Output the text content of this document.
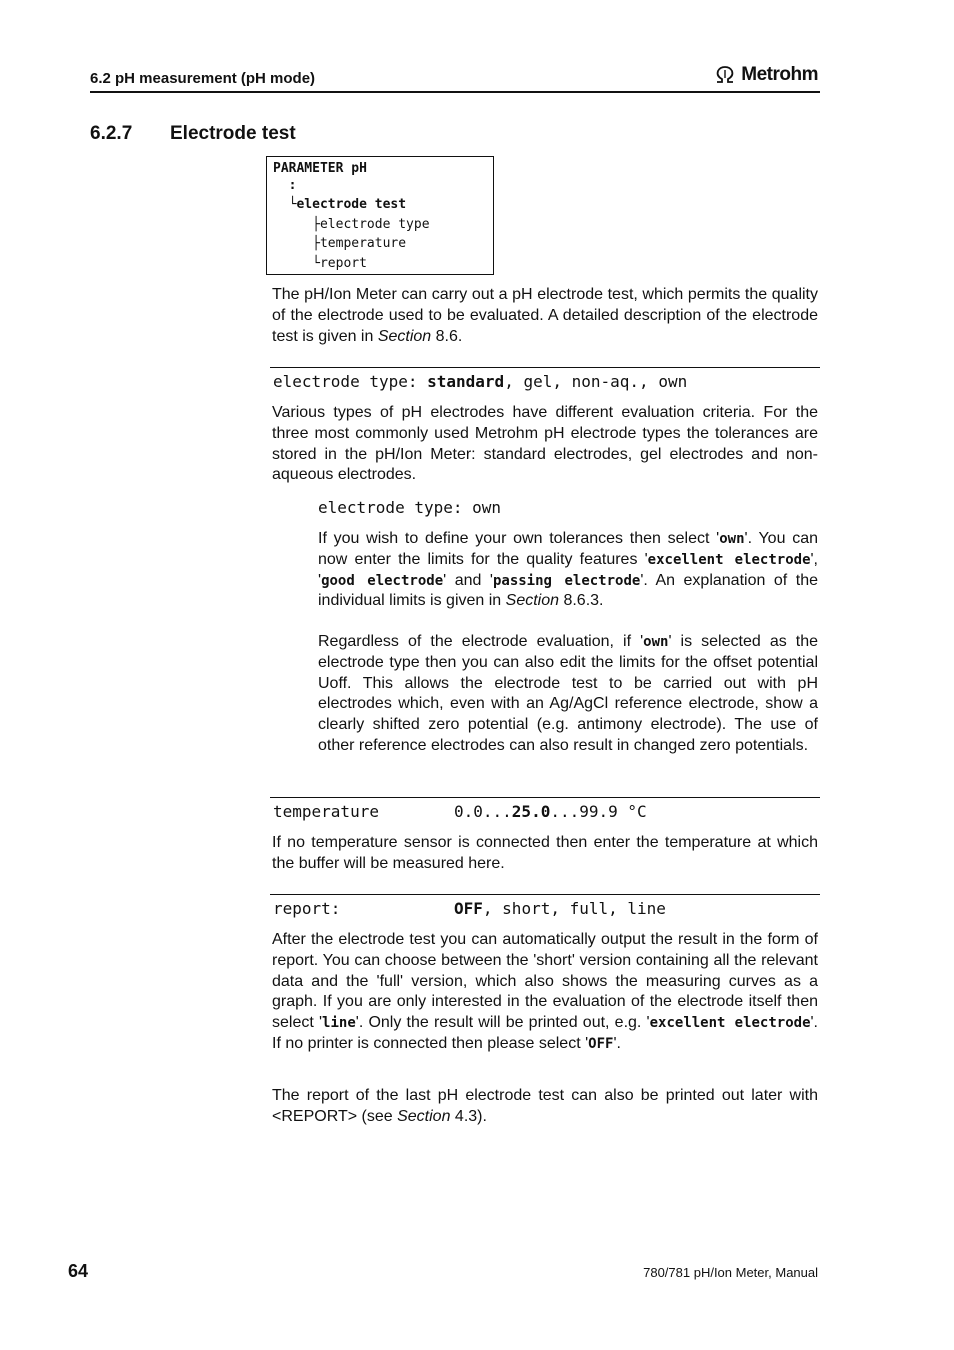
6.2 pH measurement (pH mode)	Metrohm
6.2.7 Electrode test
PARAMETER pH
:
└electrode test
├electrode type
├temperature
└report
The pH/Ion Meter can carry out a pH electrode test, which permits the quality of the electrode used to be evaluated. A detailed description of the electrode test is given in Section 8.6.
electrode type: standard, gel, non-aq., own
Various types of pH electrodes have different evaluation criteria. For the three most commonly used Metrohm pH electrode types the tolerances are stored in the pH/Ion Meter: standard electrodes, gel electrodes and non-aqueous electrodes.
electrode type: own
If you wish to define your own tolerances then select 'own'. You can now enter the limits for the quality features 'excellent electrode', 'good electrode' and 'passing electrode'. An explanation of the individual limits is given in Section 8.6.3.
Regardless of the electrode evaluation, if 'own' is selected as the electrode type then you can also edit the limits for the offset potential Uoff. This allows the electrode test to be carried out with pH electrodes which, even with an Ag/AgCl reference electrode, show a clearly shifted zero potential (e.g. antimony electrode). The use of other reference electrodes can also result in changed zero potentials.
temperature	0.0...25.0...99.9 °C
If no temperature sensor is connected then enter the temperature at which the buffer will be measured here.
report:	OFF, short, full, line
After the electrode test you can automatically output the result in the form of report. You can choose between the 'short' version containing all the relevant data and the 'full' version, which also shows the measuring curves as a graph. If you are only interested in the evaluation of the electrode itself then select 'line'. Only the result will be printed out, e.g. 'excellent electrode'. If no printer is connected then please select 'OFF'.
The report of the last pH electrode test can also be printed out later with <REPORT> (see Section 4.3).
64	780/781 pH/Ion Meter, Manual
